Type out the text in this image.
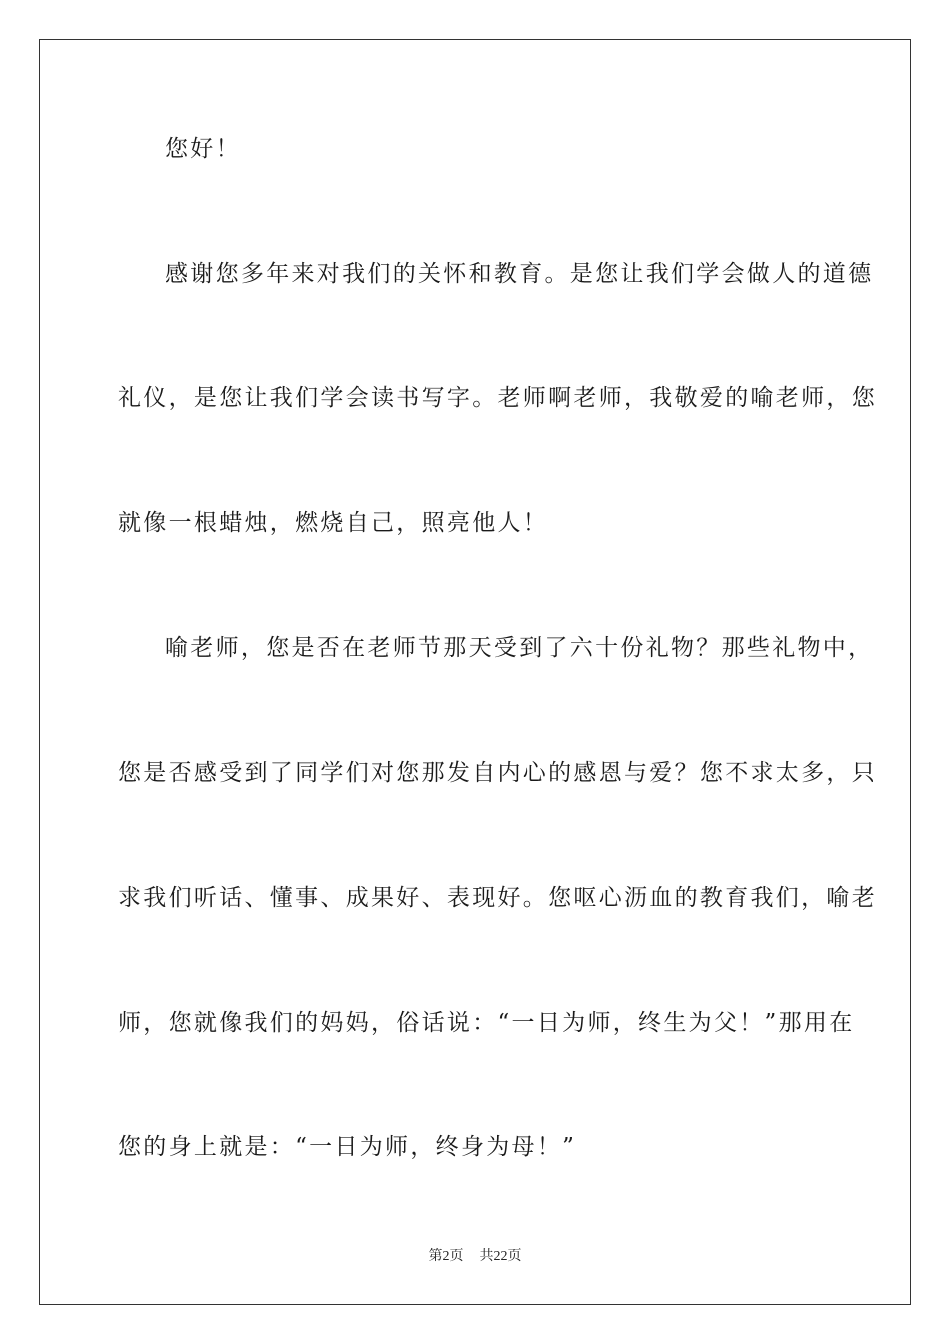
您好！
感谢您多年来对我们的关怀和教育。是您让我们学会做人的道德
礼仪，是您让我们学会读书写字。老师啊老师，我敬爱的喻老师，您
就像一根蜡烛，燃烧自己，照亮他人！
喻老师，您是否在老师节那天受到了六十份礼物？那些礼物中，
您是否感受到了同学们对您那发自内心的感恩与爱？您不求太多，只
求我们听话、懂事、成果好、表现好。您呕心沥血的教育我们，喻老
师，您就像我们的妈妈，俗话说：“一日为师，终生为父！”那用在
您的身上就是：“一日为师，终身为母！”
第2页 共22页
